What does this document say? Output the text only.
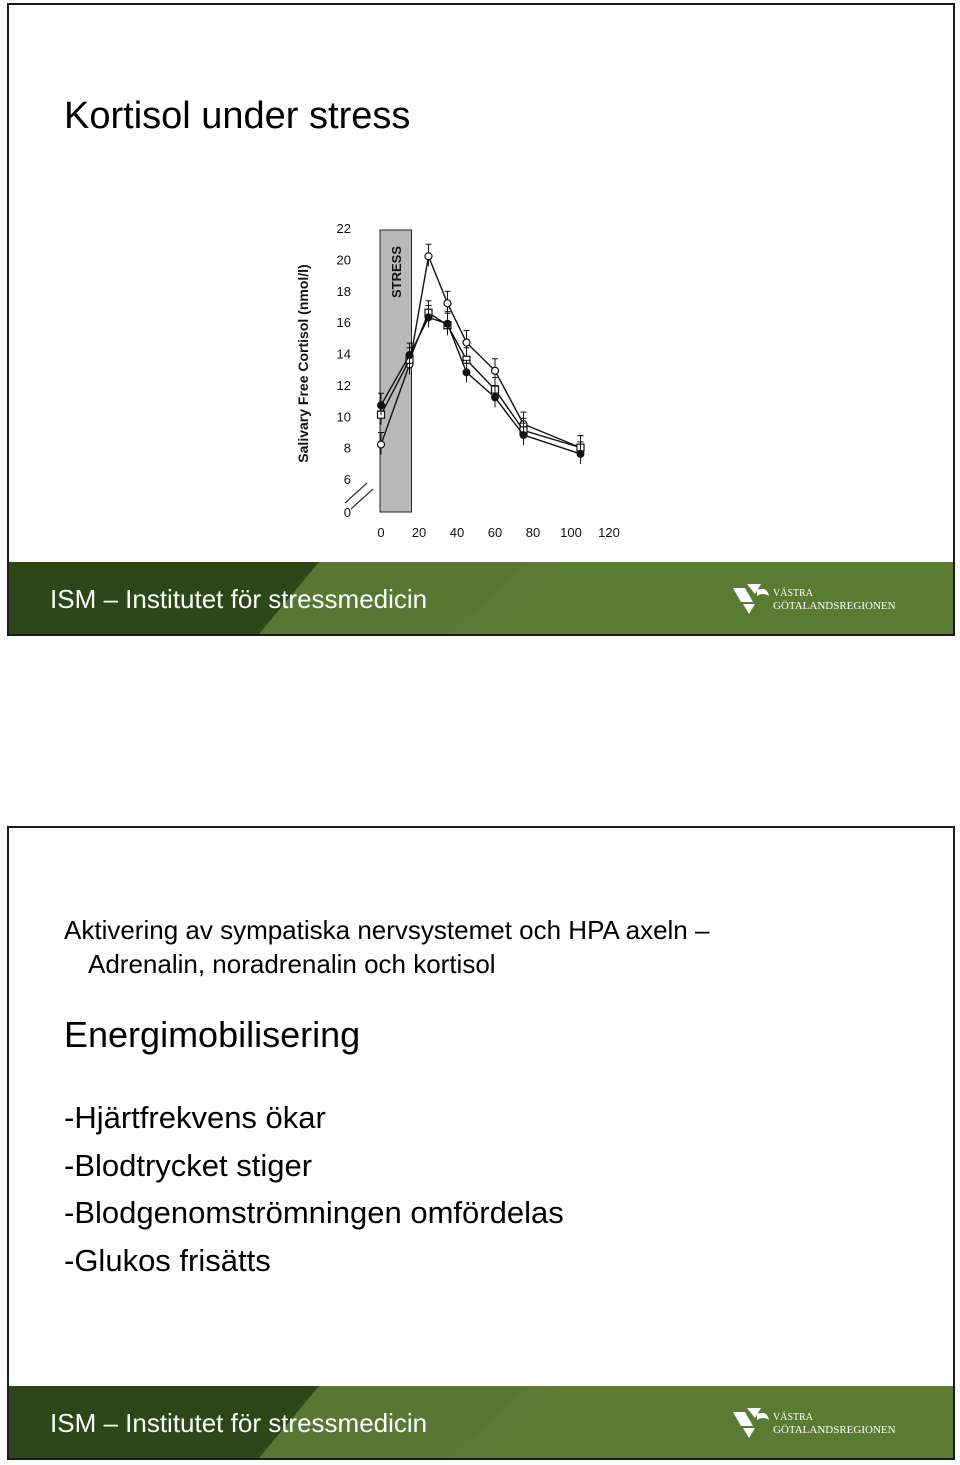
Kortisol under stress
STRESS
0
6
8
10
12
14
16
18
20
22
Salivary Free Cortisol (nmol/l)
0 20 40 60 80 100 120
ISM – Institutet för stressmedicin	VÄSTRA
GÖTALANDSREGIONEN
Aktivering av sympatiska nervsystemet och HPA axeln –
Adrenalin, noradrenalin och kortisol
Energimobilisering
-Hjärtfrekvens ökar
-Blodtrycket stiger
-Blodgenomströmningen omfördelas
-Glukos frisätts
ISM – Institutet för stressmedicin	VÄSTRA
GÖTALANDSREGIONEN
